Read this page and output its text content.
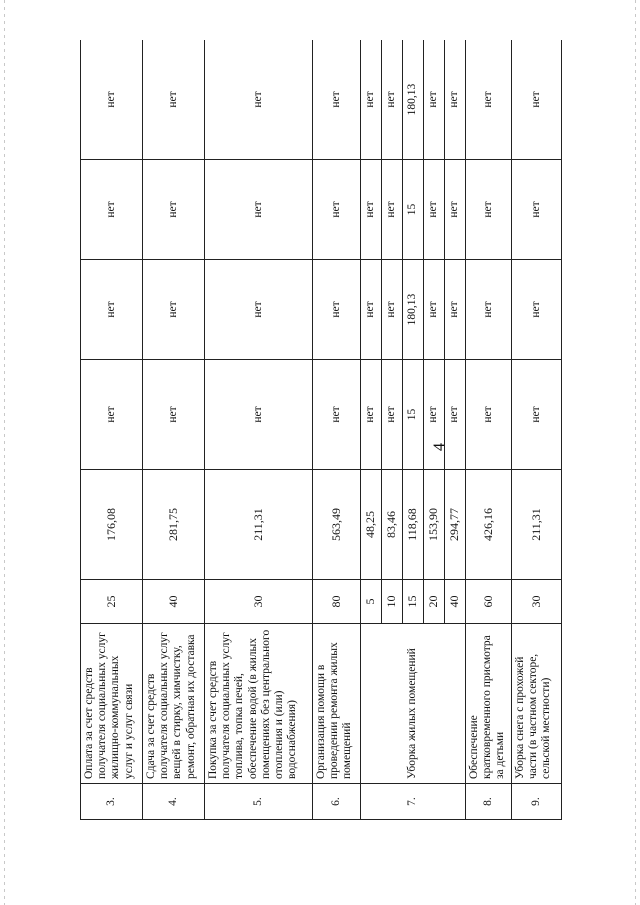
4
3.	Оплата за счет средств получателя социальных услуг жилищно-коммунальных услуг и услуг связи	25	176,08	нет	нет	нет	нет
4.	Сдача за счет средств получателя социальных услуг вещей в стирку, химчистку, ремонт, обратная их доставка	40	281,75	нет	нет	нет	нет
5.	Покупка за счет средств получателя социальных услуг топлива, топка печей, обеспечение водой (в жилых помещениях без центрального отопления и (или) водоснабжения)	30	211,31	нет	нет	нет	нет
6.	Организация помощи в проведении ремонта жилых помещений	80	563,49	нет	нет	нет	нет
7.	Уборка жилых помещений	5	48,25	нет	нет	нет	нет
		10	83,46	нет	нет	нет	нет
		15	118,68	15	180,13	15	180,13
		20	153,90	нет	нет	нет	нет
		40	294,77	нет	нет	нет	нет
8.	Обеспечение кратковременного присмотра за детьми	60	426,16	нет	нет	нет	нет
9.	Уборка снега с прохожей части (в частном секторе, сельской местности)	30	211,31	нет	нет	нет	нет
